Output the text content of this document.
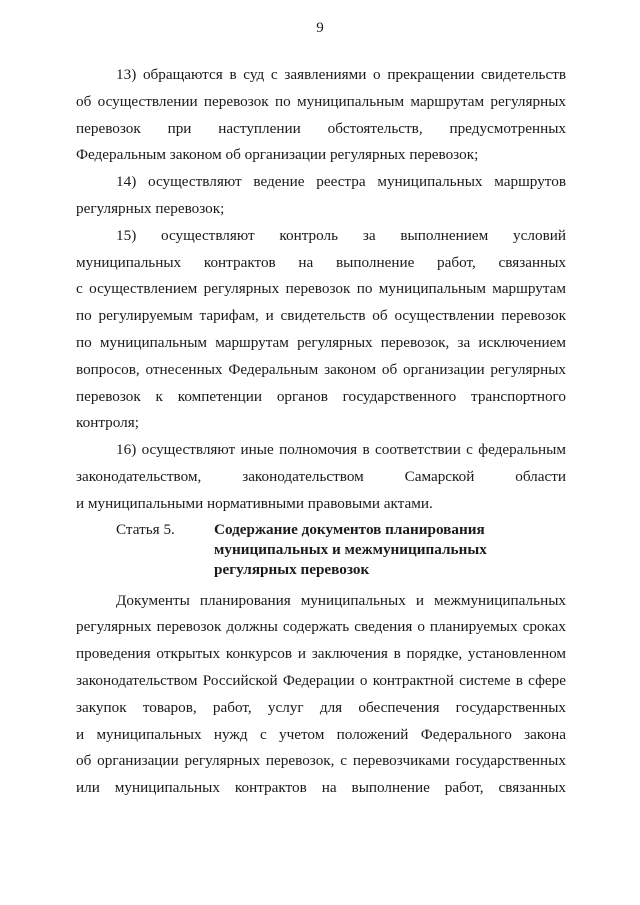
9

13) обращаются в суд с заявлениями о прекращении свидетельств
об осуществлении перевозок по муниципальным маршрутам регулярных
перевозок при наступлении обстоятельств, предусмотренных
Федеральным законом об организации регулярных перевозок;

14) осуществляют ведение реестра муниципальных маршрутов
регулярных перевозок;

15) осуществляют контроль за выполнением условий
муниципальных контрактов на выполнение работ, связанных
с осуществлением регулярных перевозок по муниципальным маршрутам
по регулируемым тарифам, и свидетельств об осуществлении перевозок
по муниципальным маршрутам регулярных перевозок, за исключением
вопросов, отнесенных Федеральным законом об организации регулярных
перевозок к компетенции органов государственного транспортного
контроля;

16) осуществляют иные полномочия в соответствии с федеральным
законодательством, законодательством Самарской области
и муниципальными нормативными правовыми актами.

Статья 5.	Содержание документов планирования
муниципальных и межмуниципальных
регулярных перевозок

Документы планирования муниципальных и межмуниципальных
регулярных перевозок должны содержать сведения о планируемых сроках
проведения открытых конкурсов и заключения в порядке, установленном
законодательством Российской Федерации о контрактной системе в сфере
закупок товаров, работ, услуг для обеспечения государственных
и муниципальных нужд с учетом положений Федерального закона
об организации регулярных перевозок, с перевозчиками государственных
или муниципальных контрактов на выполнение работ, связанных
